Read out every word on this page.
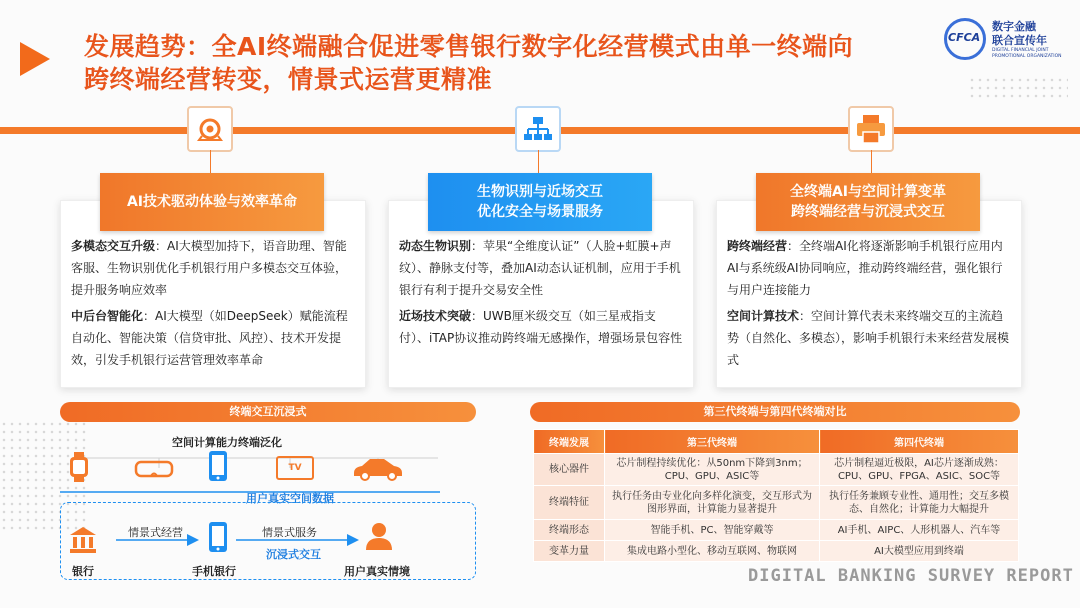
发展趋势：全AI终端融合促进零售银行数字化经营模式由单一终端向
跨终端经营转变，情景式运营更精准
CFCA
数字金融
联合宣传年
DIGITAL FINANCIAL JOINT
PROMOTIONAL ORGANIZATION

多模态交互升级：AI大模型加持下，语音助理、智能客服、生物识别优化手机银行用户多模态交互体验，提升服务响应效率

中后台智能化：AI大模型（如DeepSeek）赋能流程自动化、智能决策（信贷审批、风控）、技术开发提效，引发手机银行运营管理效率革命

AI技术驱动体验与效率革命

动态生物识别：苹果“全维度认证”（人脸+虹膜+声纹）、静脉支付等，叠加AI动态认证机制，应用于手机银行有利于提升交易安全性

近场技术突破：UWB厘米级交互（如三星戒指支付）、iTAP协议推动跨终端无感操作，增强场景包容性

生物识别与近场交互
优化安全与场景服务

跨终端经营：全终端AI化将逐渐影响手机银行应用内AI与系统级AI协同响应，推动跨终端经营，强化银行与用户连接能力

空间计算技术：空间计算代表未来终端交互的主流趋势（自然化、多模态），影响手机银行未来经营发展模式

全终端AI与空间计算变革
跨终端经营与沉浸式交互
终端交互沉浸式
空间计算能力终端泛化
TV
用户真实空间数据
情景式经营	情景式服务
沉浸式交互
银行	手机银行	用户真实情境
第三代终端与第四代终端对比
终端发展	第三代终端	第四代终端
核心器件	芯片制程持续优化：从50nm下降到3nm；CPU、GPU、ASIC等	芯片制程逼近极限，AI芯片逐渐成熟：CPU、GPU、FPGA、ASIC、SOC等
终端特征	执行任务由专业化向多样化演变，交互形式为图形界面，计算能力显著提升	执行任务兼顾专业性、通用性；交互多模态、自然化；计算能力大幅提升
终端形态	智能手机、PC、智能穿戴等	AI手机、AIPC、人形机器人、汽车等
变革力量	集成电路小型化、移动互联网、物联网	AI大模型应用到终端
DIGITAL BANKING SURVEY REPORT
